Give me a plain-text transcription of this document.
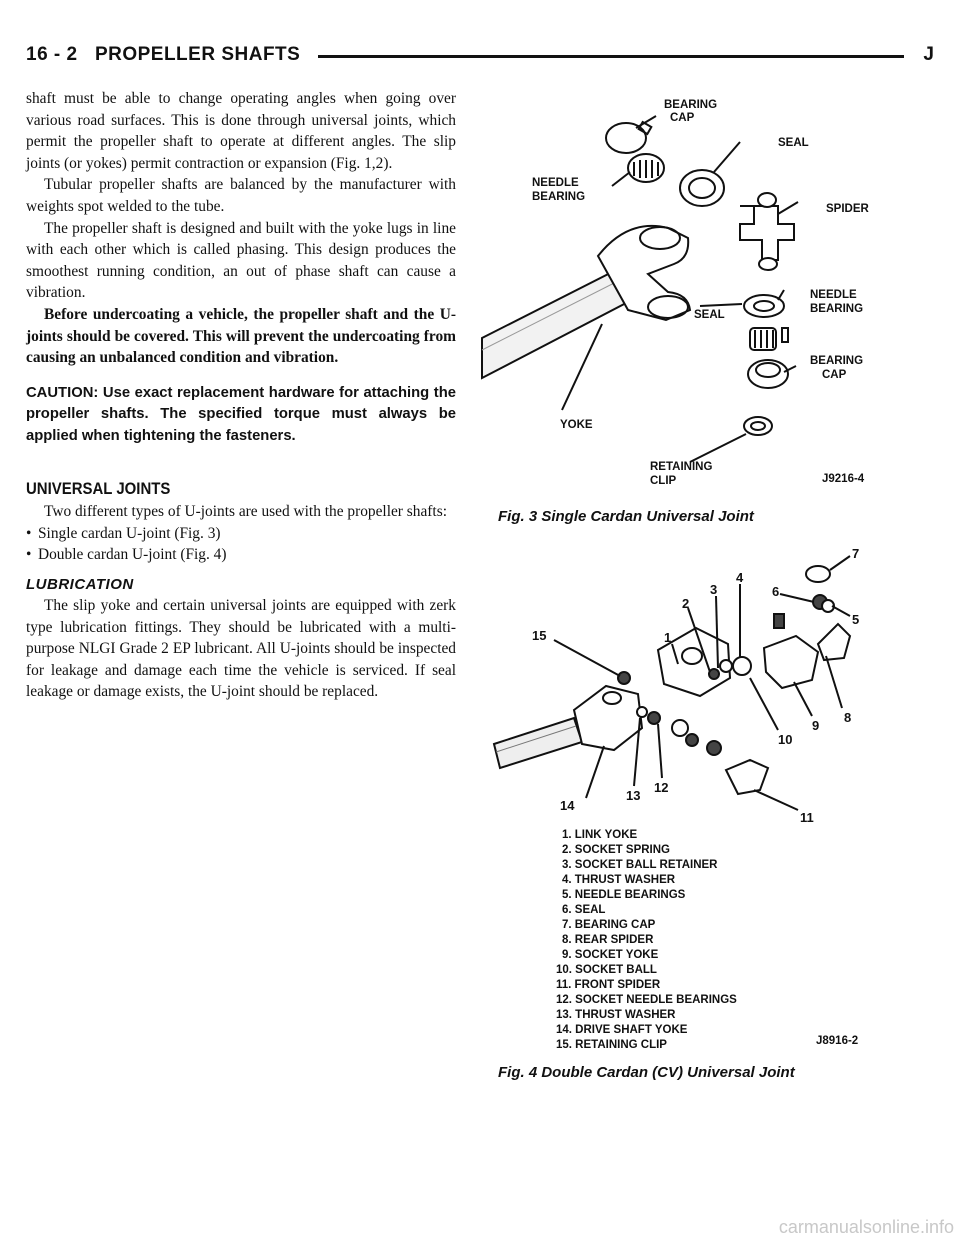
16 - 2 PROPELLER SHAFTS	J

shaft must be able to change operating angles when going over various road surfaces. This is done through universal joints, which permit the propeller shaft to operate at different angles. The slip joints (or yokes) permit contraction or expansion (Fig. 1,2).

Tubular propeller shafts are balanced by the manufacturer with weights spot welded to the tube.

The propeller shaft is designed and built with the yoke lugs in line with each other which is called phasing. This design produces the smoothest running condition, an out of phase shaft can cause a vibration.

Before undercoating a vehicle, the propeller shaft and the U-joints should be covered. This will prevent the undercoating from causing an unbalanced condition and vibration.

CAUTION: Use exact replacement hardware for attaching the propeller shafts. The specified torque must always be applied when tightening the fasteners.

UNIVERSAL JOINTS

Two different types of U-joints are used with the propeller shafts:

• Single cardan U-joint (Fig. 3)

• Double cardan U-joint (Fig. 4)

LUBRICATION

The slip yoke and certain universal joints are equipped with zerk type lubrication fittings. They should be lubricated with a multi-purpose NLGI Grade 2 EP lubricant. All U-joints should be inspected for leakage and damage each time the vehicle is serviced. If seal leakage or damage exists, the U-joint should be replaced.

BEARING
CAP
SEAL
NEEDLE
BEARING
SPIDER
SEAL
NEEDLE
BEARING
BEARING
CAP
YOKE
RETAINING
CLIP	J9216-4
Fig. 3 Single Cardan Universal Joint
7
6
5
4
3
2
15	1
8
9
10
14
13
12
11
1. LINK YOKE
2. SOCKET SPRING
3. SOCKET BALL RETAINER
4. THRUST WASHER
5. NEEDLE BEARINGS
6. SEAL
7. BEARING CAP
8. REAR SPIDER
9. SOCKET YOKE
10. SOCKET BALL
11. FRONT SPIDER
12. SOCKET NEEDLE BEARINGS
13. THRUST WASHER
14. DRIVE SHAFT YOKE
15. RETAINING CLIP	J8916-2
Fig. 4 Double Cardan (CV) Universal Joint
carmanualsonline.info
